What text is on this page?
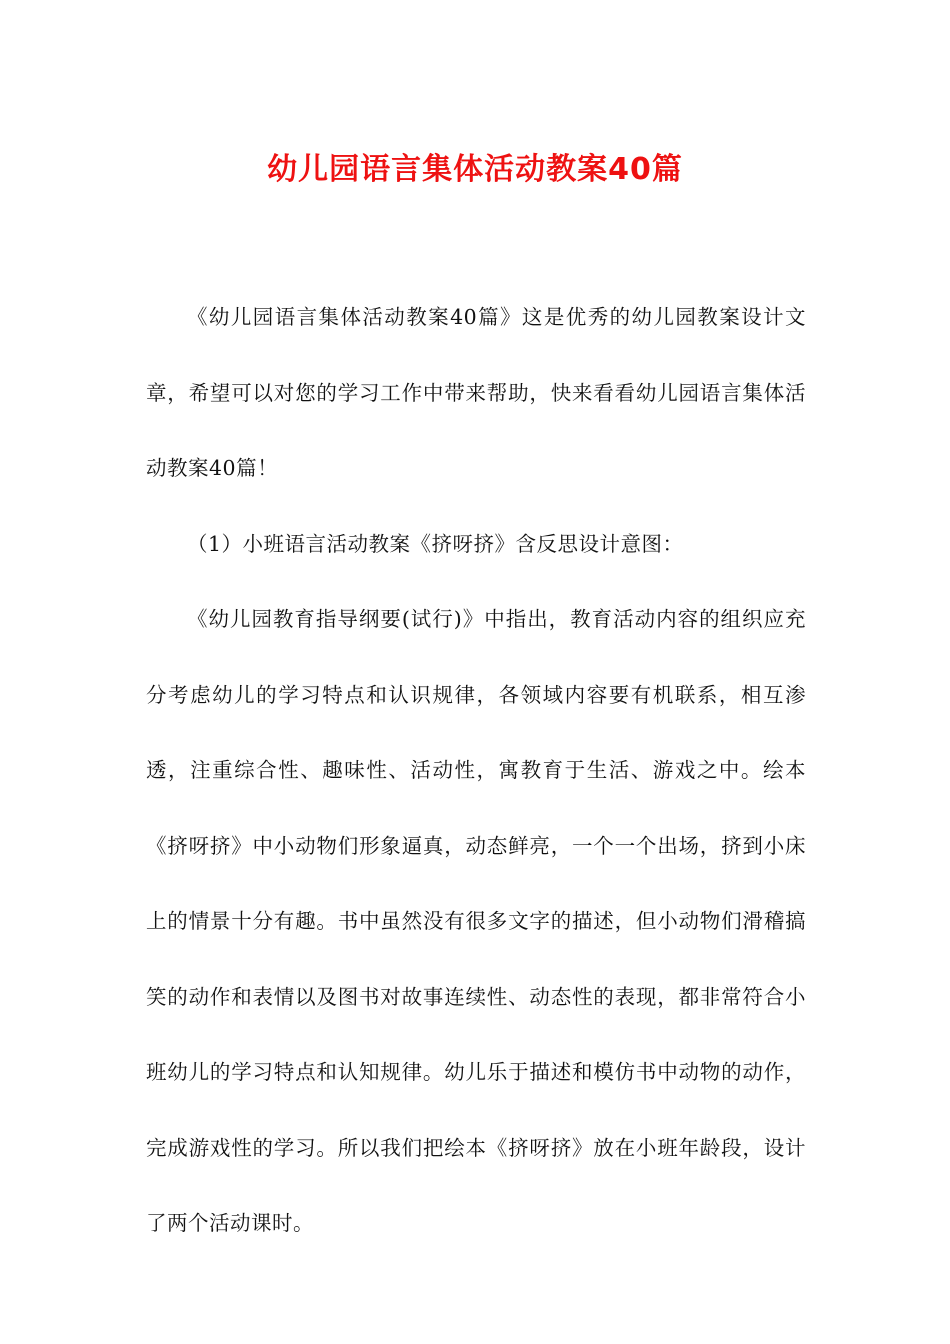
幼儿园语言集体活动教案40篇

《幼儿园语言集体活动教案40篇》这是优秀的幼儿园教案设计文章，希望可以对您的学习工作中带来帮助，快来看看幼儿园语言集体活动教案40篇！

（1）小班语言活动教案《挤呀挤》含反思设计意图：

《幼儿园教育指导纲要(试行)》中指出，教育活动内容的组织应充分考虑幼儿的学习特点和认识规律，各领域内容要有机联系，相互渗透，注重综合性、趣味性、活动性，寓教育于生活、游戏之中。绘本《挤呀挤》中小动物们形象逼真，动态鲜亮，一个一个出场，挤到小床上的情景十分有趣。书中虽然没有很多文字的描述，但小动物们滑稽搞笑的动作和表情以及图书对故事连续性、动态性的表现，都非常符合小班幼儿的学习特点和认知规律。幼儿乐于描述和模仿书中动物的动作，完成游戏性的学习。所以我们把绘本《挤呀挤》放在小班年龄段，设计了两个活动课时。
